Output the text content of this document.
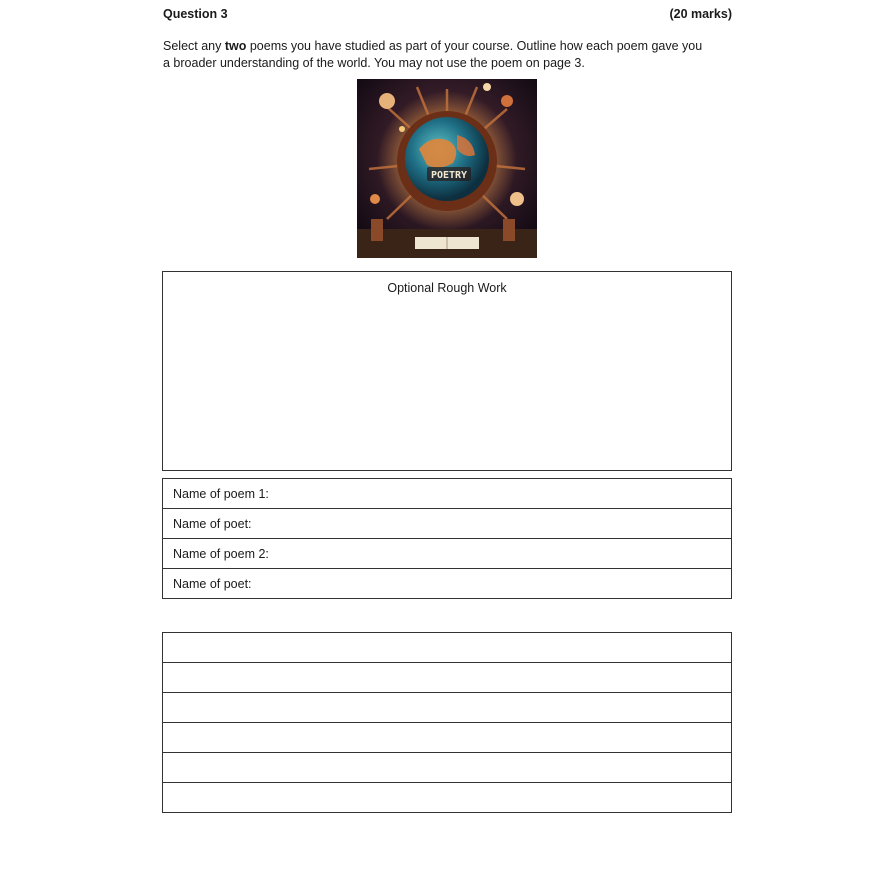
Question 3	(20 marks)
Select any two poems you have studied as part of your course. Outline how each poem gave you
a broader understanding of the world. You may not use the poem on page 3.
POETRY
Optional Rough Work
Name of poem 1:
Name of poet:
Name of poem 2:
Name of poet:
